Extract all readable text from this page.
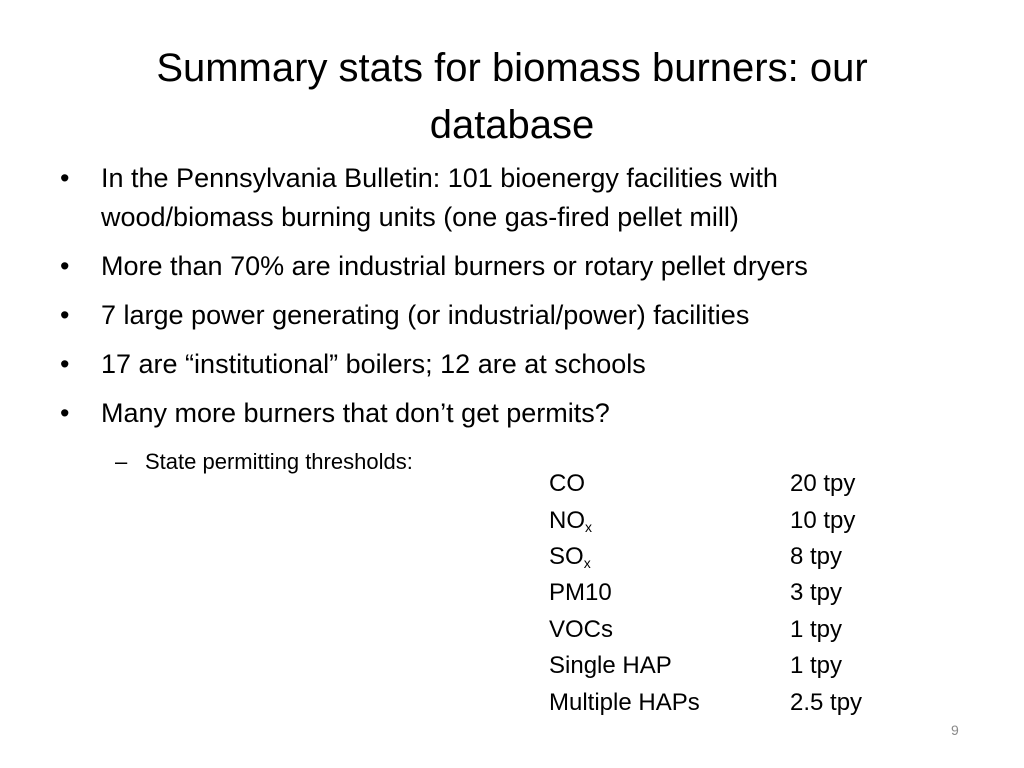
Summary stats for biomass burners: our
database
• In the Pennsylvania Bulletin: 101 bioenergy facilities with
wood/biomass burning units (one gas-fired pellet mill)
• More than 70% are industrial burners or rotary pellet dryers
• 7 large power generating (or industrial/power) facilities
• 17 are “institutional” boilers; 12 are at schools
• Many more burners that don’t get permits?
– State permitting thresholds:
CO	20 tpy
$NO_x$	10 tpy
$SO_x$	8 tpy
PM10	3 tpy
VOCs	1 tpy
Single HAP	1 tpy
Multiple HAPs	2.5 tpy
9
